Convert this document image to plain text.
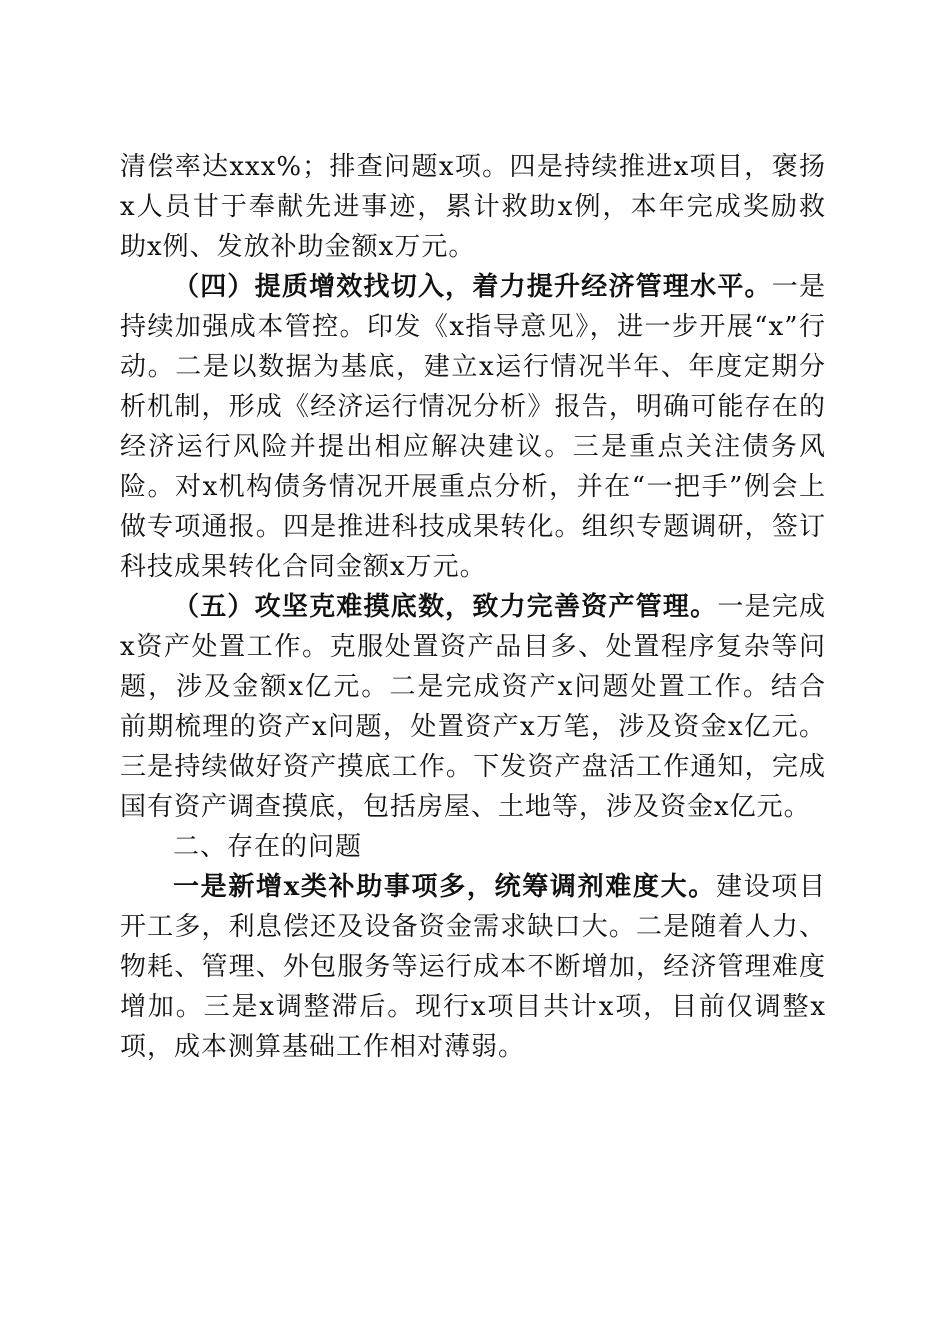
清偿率达xxx%；排查问题x项。四是持续推进x项目，褒扬x人员甘于奉献先进事迹，累计救助x例，本年完成奖励救助x例、发放补助金额x万元。

（四）提质增效找切入，着力提升经济管理水平。一是持续加强成本管控。印发《x指导意见》，进一步开展“x”行动。二是以数据为基底，建立x运行情况半年、年度定期分析机制，形成《经济运行情况分析》报告，明确可能存在的经济运行风险并提出相应解决建议。三是重点关注债务风险。对x机构债务情况开展重点分析，并在“一把手”例会上做专项通报。四是推进科技成果转化。组织专题调研，签订科技成果转化合同金额x万元。

（五）攻坚克难摸底数，致力完善资产管理。一是完成x资产处置工作。克服处置资产品目多、处置程序复杂等问题，涉及金额x亿元。二是完成资产x问题处置工作。结合前期梳理的资产x问题，处置资产x万笔，涉及资金x亿元。三是持续做好资产摸底工作。下发资产盘活工作通知，完成国有资产调查摸底，包括房屋、土地等，涉及资金x亿元。

二、存在的问题

一是新增x类补助事项多，统筹调剂难度大。建设项目开工多，利息偿还及设备资金需求缺口大。二是随着人力、物耗、管理、外包服务等运行成本不断增加，经济管理难度增加。三是x调整滞后。现行x项目共计x项，目前仅调整x项，成本测算基础工作相对薄弱。
